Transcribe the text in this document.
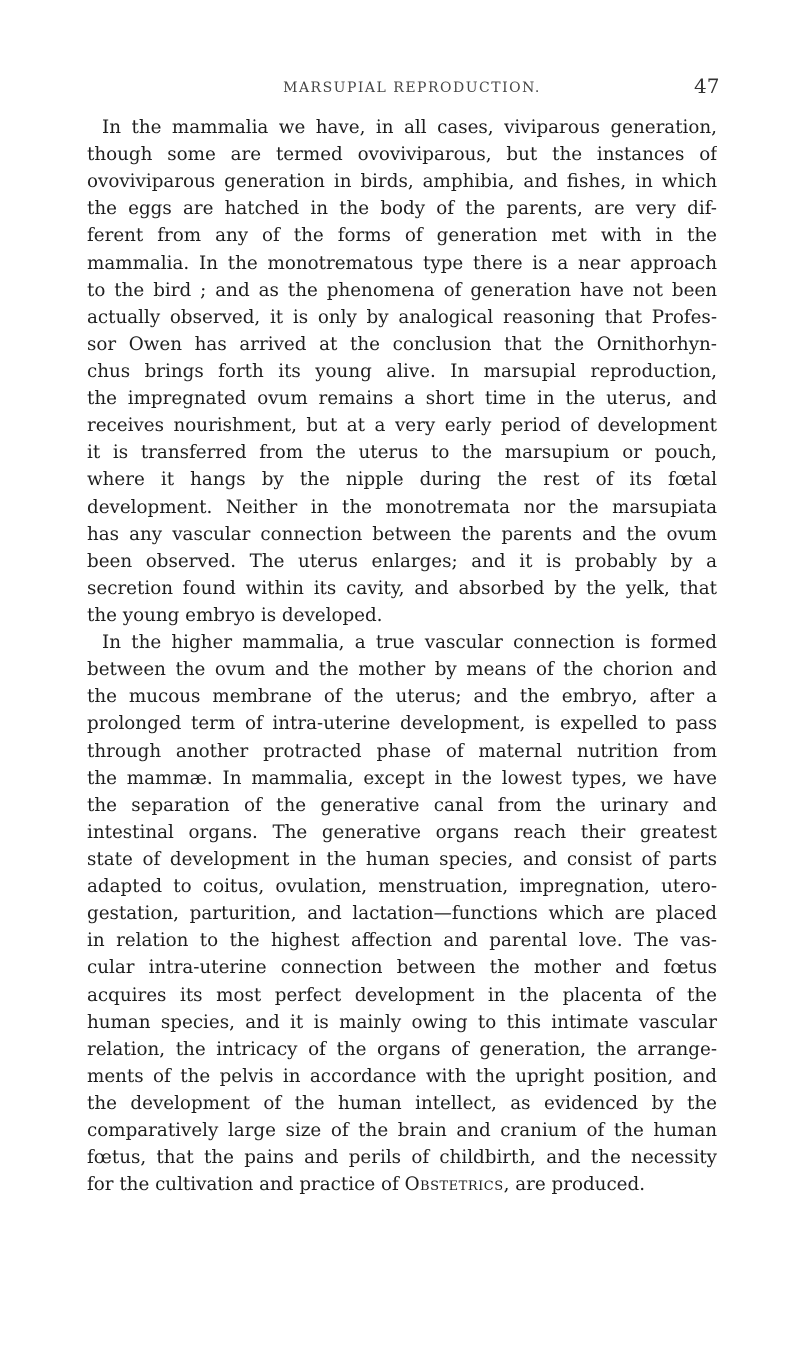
MARSUPIAL REPRODUCTION.	47
In the mammalia we have, in all cases, viviparous generation,
though some are termed ovoviviparous, but the instances of
ovoviviparous generation in birds, amphibia, and fishes, in which
the eggs are hatched in the body of the parents, are very dif-
ferent from any of the forms of generation met with in the
mammalia. In the monotrematous type there is a near approach
to the bird ; and as the phenomena of generation have not been
actually observed, it is only by analogical reasoning that Profes-
sor Owen has arrived at the conclusion that the Ornithorhyn-
chus brings forth its young alive. In marsupial reproduction,
the impregnated ovum remains a short time in the uterus, and
receives nourishment, but at a very early period of development
it is transferred from the uterus to the marsupium or pouch,
where it hangs by the nipple during the rest of its fœtal
development. Neither in the monotremata nor the marsupiata
has any vascular connection between the parents and the ovum
been observed. The uterus enlarges; and it is probably by a
secretion found within its cavity, and absorbed by the yelk, that
the young embryo is developed.
In the higher mammalia, a true vascular connection is formed
between the ovum and the mother by means of the chorion and
the mucous membrane of the uterus; and the embryo, after a
prolonged term of intra-uterine development, is expelled to pass
through another protracted phase of maternal nutrition from
the mammæ. In mammalia, except in the lowest types, we have
the separation of the generative canal from the urinary and
intestinal organs. The generative organs reach their greatest
state of development in the human species, and consist of parts
adapted to coitus, ovulation, menstruation, impregnation, utero-
gestation, parturition, and lactation—functions which are placed
in relation to the highest affection and parental love. The vas-
cular intra-uterine connection between the mother and fœtus
acquires its most perfect development in the placenta of the
human species, and it is mainly owing to this intimate vascular
relation, the intricacy of the organs of generation, the arrange-
ments of the pelvis in accordance with the upright position, and
the development of the human intellect, as evidenced by the
comparatively large size of the brain and cranium of the human
fœtus, that the pains and perils of childbirth, and the necessity
for the cultivation and practice of Obstetrics, are produced.
